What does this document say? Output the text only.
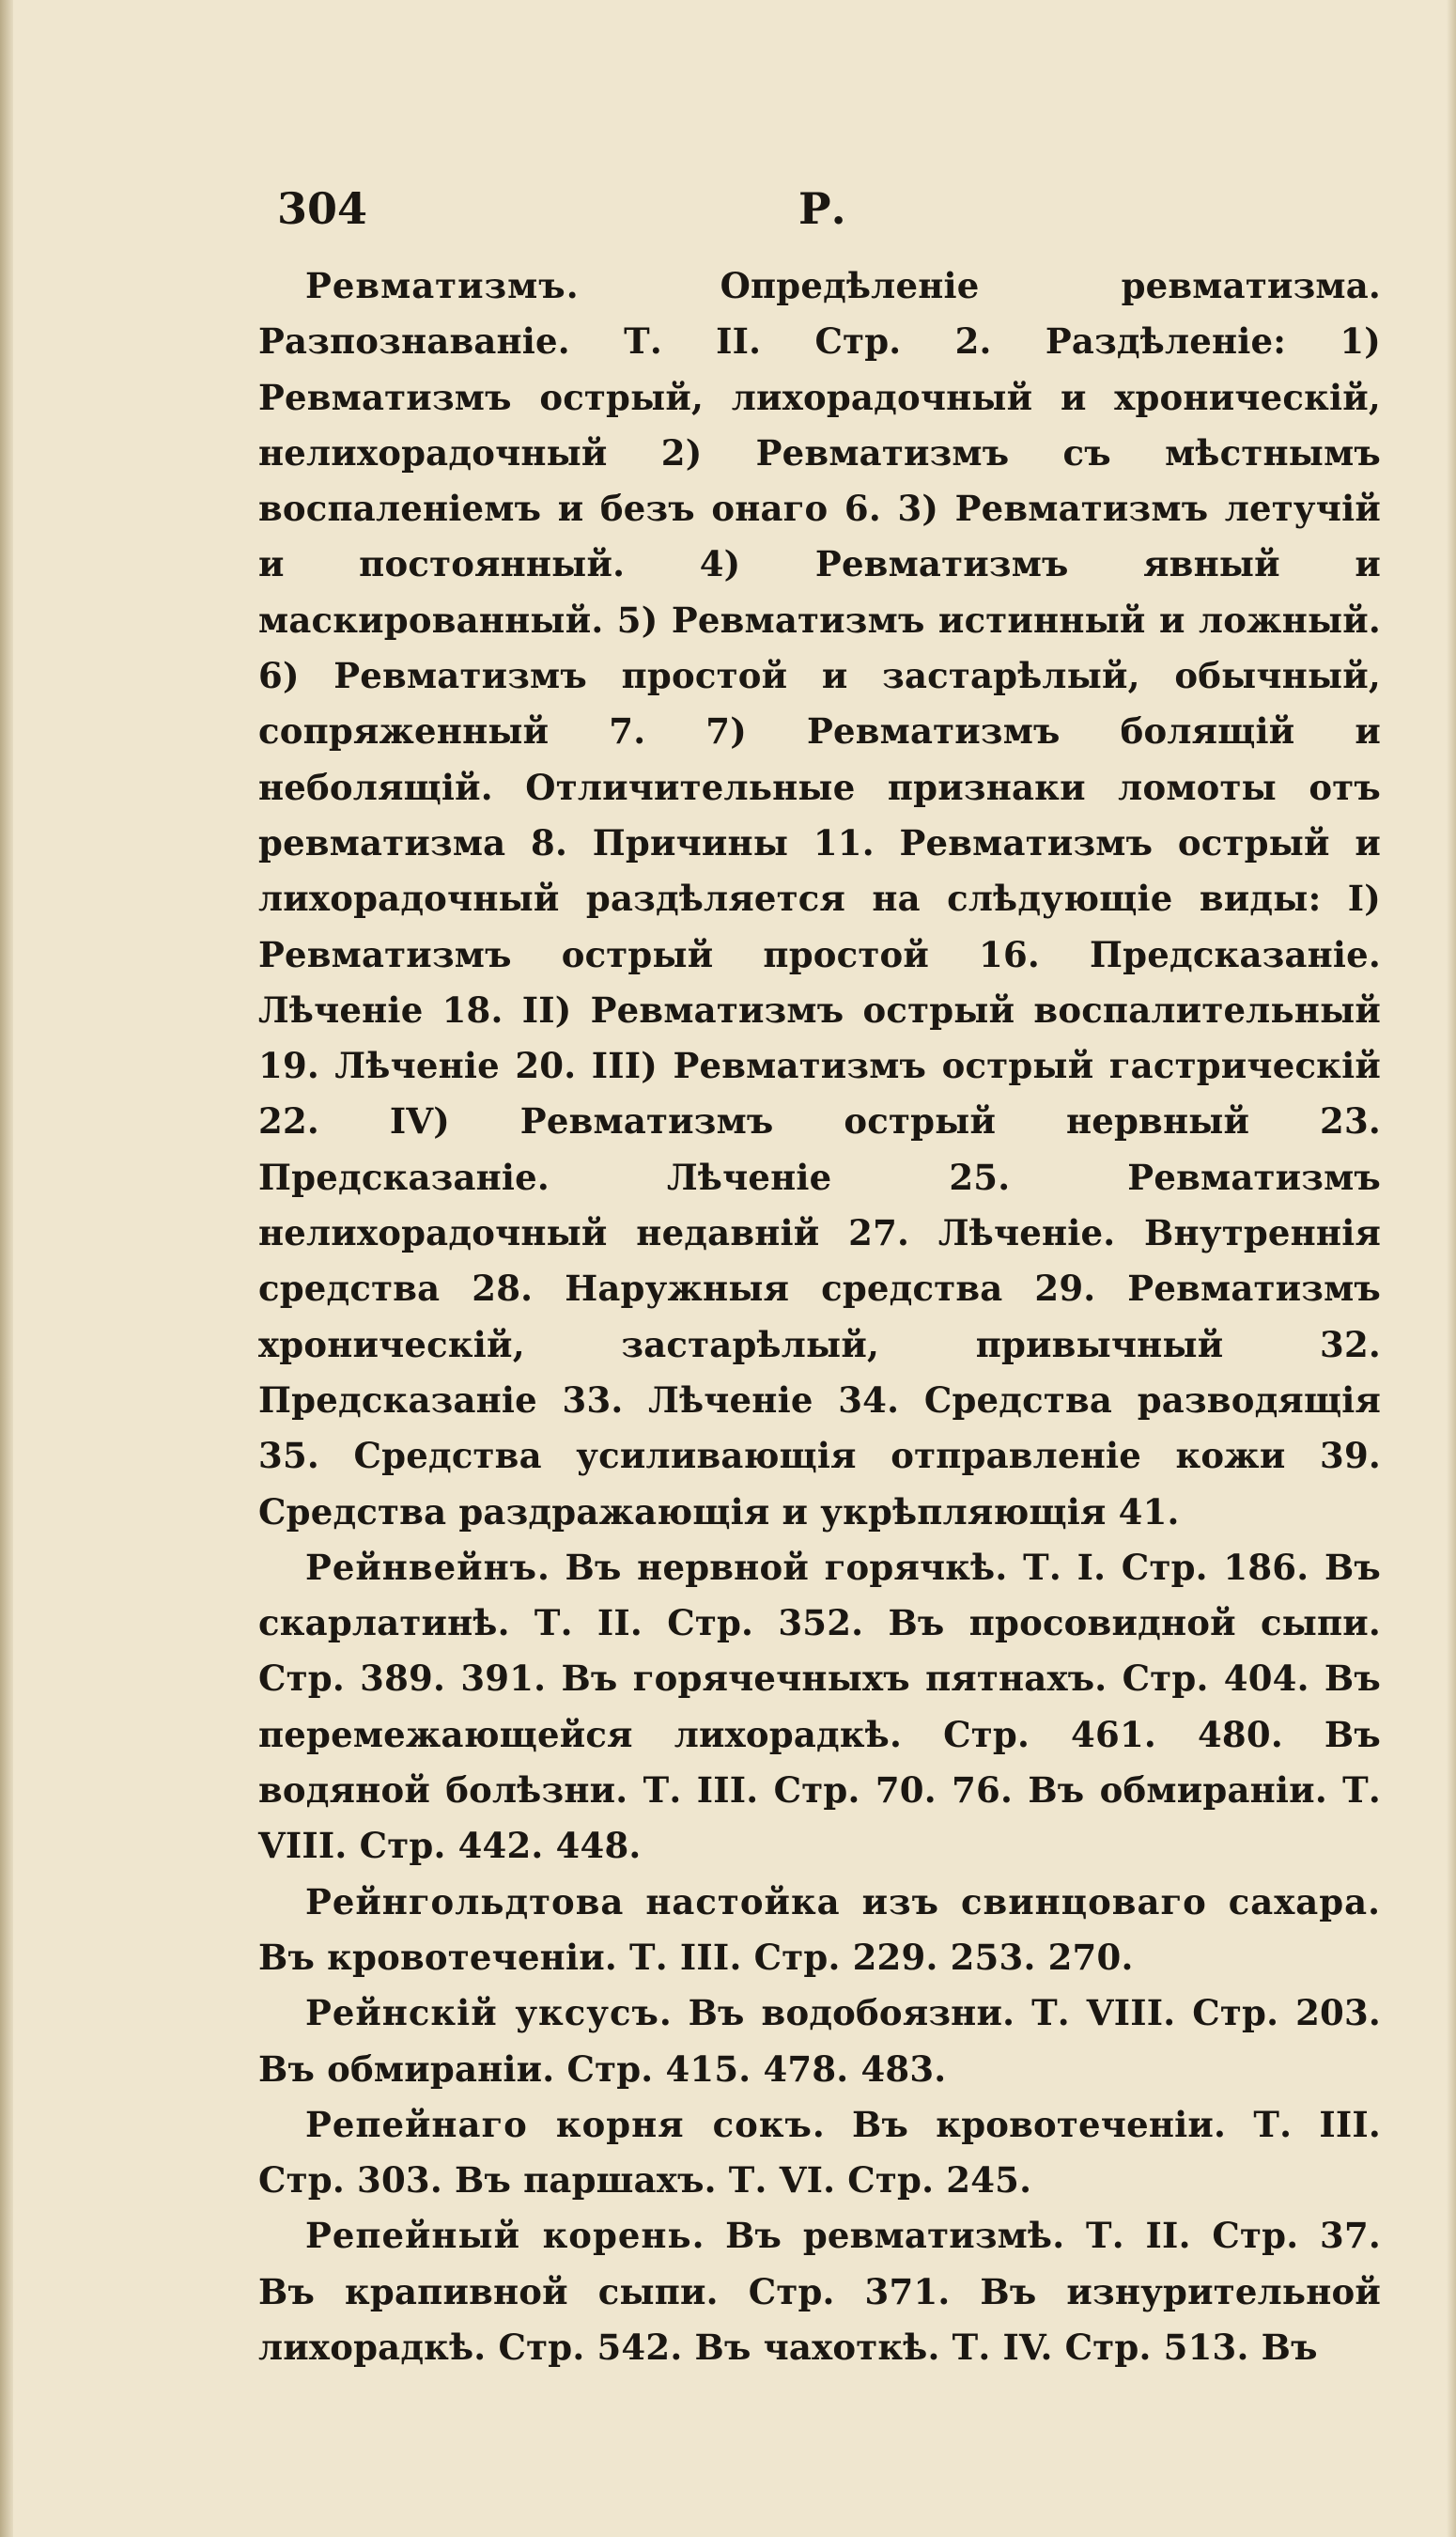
304	Р.

Ревматизмъ.	Опредѣленіе ревматизма. Разпознаваніе. Т. II. Стр. 2. Раздѣленіе: 1) Ревматизмъ острый, лихорадочный и хроническій, нелихорадочный 2) Ревматизмъ съ мѣстнымъ воспаленіемъ и безъ онаго 6. 3) Ревматизмъ летучій и постоянный. 4) Ревматизмъ явный и маскированный. 5) Ревматизмъ истинный и ложный. 6) Ревматизмъ простой и застарѣлый, обычный, сопряженный 7. 7) Ревматизмъ болящій и неболящій. Отличительные признаки ломоты отъ ревматизма 8. Причины 11. Ревматизмъ острый и лихорадочный раздѣляется на слѣдующіе виды: I) Ревматизмъ острый простой 16. Предсказаніе. Лѣченіе 18. II) Ревматизмъ острый воспалительный 19. Лѣченіе 20. III) Ревматизмъ острый гастрическій 22. IV) Ревматизмъ острый нервный 23. Предсказаніе. Лѣченіе 25. Ревматизмъ нелихорадочный недавній 27. Лѣченіе. Внутреннія средства 28. Наружныя средства 29. Ревматизмъ хроническій, застарѣлый, привычный 32. Предсказаніе 33. Лѣченіе 34. Средства разводящія 35. Средства усиливающія отправленіе кожи 39. Средства раздражающія и укрѣпляющія 41.

Рейнвейнъ. Въ нервной горячкѣ. Т. I. Стр. 186. Въ скарлатинѣ. Т. II. Стр. 352. Въ просовидной сыпи. Стр. 389. 391. Въ горячечныхъ пятнахъ. Стр. 404. Въ перемежающейся лихорадкѣ. Стр. 461. 480. Въ водяной болѣзни. Т. III. Стр. 70. 76. Въ обмираніи. Т. VIII. Стр. 442. 448.

Рейнгольдтова настойка изъ свинцоваго сахара. Въ кровотеченіи. Т. III. Стр. 229. 253. 270.

Рейнскій уксусъ. Въ водобоязни. Т. VIII. Стр. 203. Въ обмираніи. Стр. 415. 478. 483.

Репейнаго корня сокъ. Въ кровотеченіи. Т. III. Стр. 303. Въ паршахъ. Т. VI. Стр. 245.

Репейный корень. Въ ревматизмѣ. Т. II. Стр. 37. Въ крапивной сыпи. Стр. 371. Въ изнурительной лихорадкѣ. Стр. 542. Въ чахоткѣ. Т. IV. Стр. 513. Въ
